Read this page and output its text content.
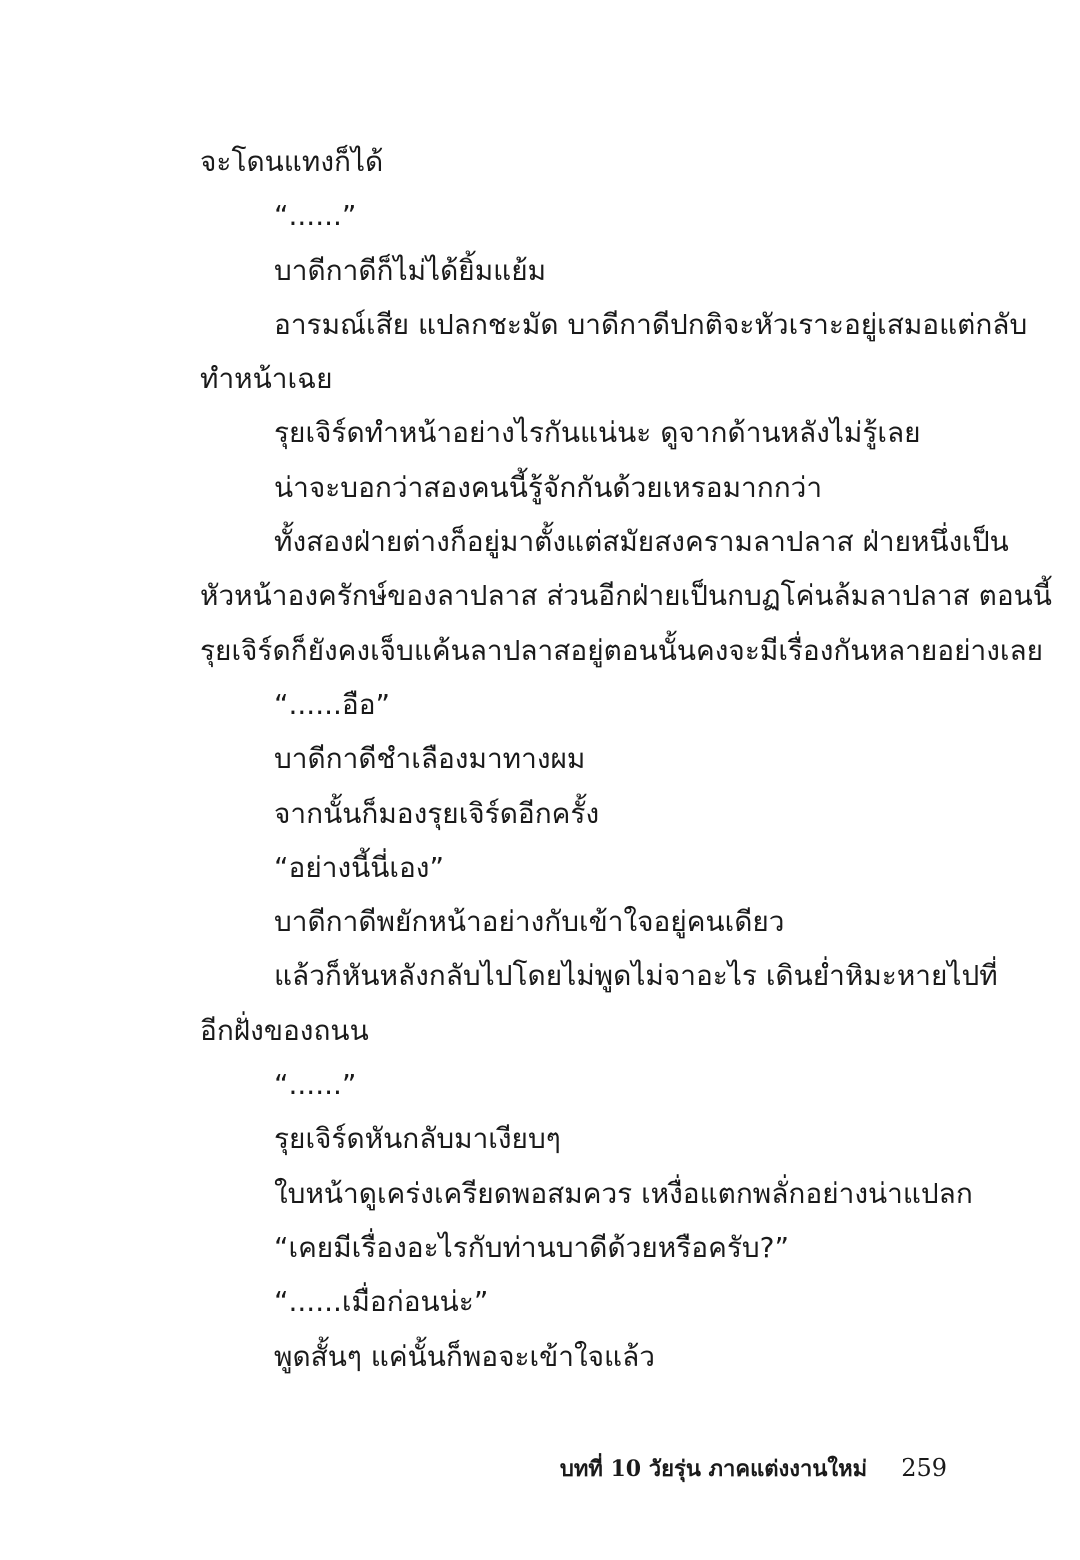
จะโดนแทงก็ได้
“......”
บาดีกาดีก็ไม่ได้ยิ้มแย้ม
อารมณ์เสีย แปลกชะมัด บาดีกาดีปกติจะหัวเราะอยู่เสมอแต่กลับ
ทำหน้าเฉย
รุยเจิร์ดทำหน้าอย่างไรกันแน่นะ ดูจากด้านหลังไม่รู้เลย
น่าจะบอกว่าสองคนนี้รู้จักกันด้วยเหรอมากกว่า
ทั้งสองฝ่ายต่างก็อยู่มาตั้งแต่สมัยสงครามลาปลาส ฝ่ายหนึ่งเป็น
หัวหน้าองครักษ์ของลาปลาส ส่วนอีกฝ่ายเป็นกบฏโค่นล้มลาปลาส ตอนนี้
รุยเจิร์ดก็ยังคงเจ็บแค้นลาปลาสอยู่ตอนนั้นคงจะมีเรื่องกันหลายอย่างเลย
“......อือ”
บาดีกาดีชำเลืองมาทางผม
จากนั้นก็มองรุยเจิร์ดอีกครั้ง
“อย่างนี้นี่เอง”
บาดีกาดีพยักหน้าอย่างกับเข้าใจอยู่คนเดียว
แล้วก็หันหลังกลับไปโดยไม่พูดไม่จาอะไร เดินย่ำหิมะหายไปที่
อีกฝั่งของถนน
“......”
รุยเจิร์ดหันกลับมาเงียบๆ
ใบหน้าดูเคร่งเครียดพอสมควร เหงื่อแตกพลั่กอย่างน่าแปลก
“เคยมีเรื่องอะไรกับท่านบาดีด้วยหรือครับ?”
“......เมื่อก่อนน่ะ”
พูดสั้นๆ แค่นั้นก็พอจะเข้าใจแล้ว
บทที่ 10 วัยรุ่น ภาคแต่งงานใหม่ 259
